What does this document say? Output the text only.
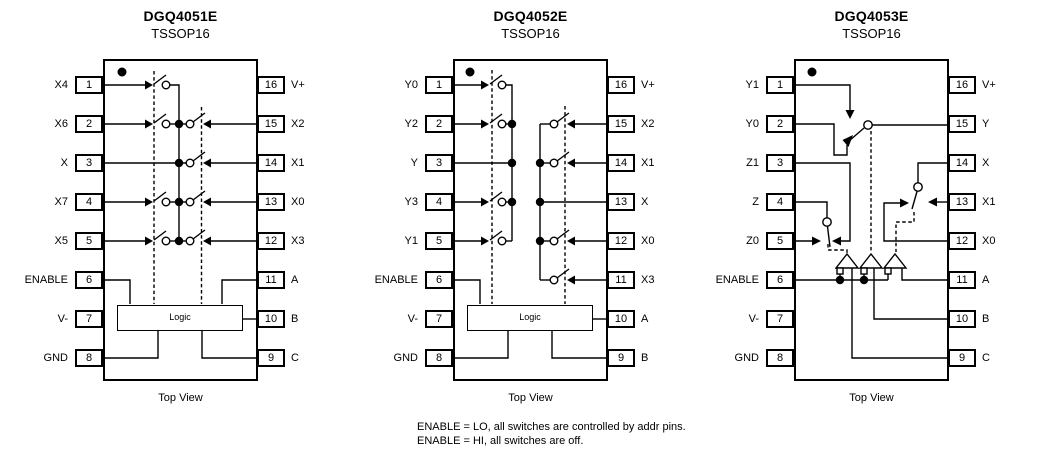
DGQ4051E
TSSOP16
Logic
X4
X6
X
X7
X5
ENABLE
V-
GND
1
2
3
4
5
6
7
8
16
15
14
13
12
11
10
9
V+
X2
X1
X0
X3
A
B
C
Top View
DGQ4052E
TSSOP16
Logic
Y0
Y2
Y
Y3
Y1
ENABLE
V-
GND
1
2
3
4
5
6
7
8
16
15
14
13
12
11
10
9
V+
X2
X1
X
X0
X3
A
B
Top View
DGQ4053E
TSSOP16
Y1
Y0
Z1
Z
Z0
ENABLE
V-
GND
1
2
3
4
5
6
7
8
16
15
14
13
12
11
10
9
V+
Y
X
X1
X0
A
B
C
Top View
ENABLE = LO, all switches are controlled by addr pins.
ENABLE = HI, all switches are off.
